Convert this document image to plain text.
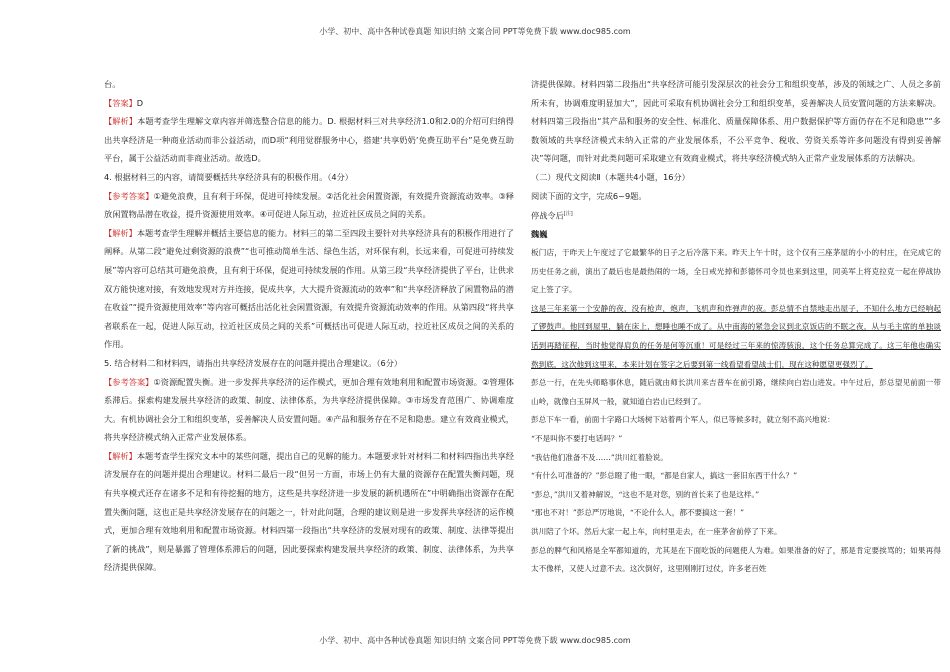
小学、初中、高中各种试卷真题 知识归纳 文案合同 PPT等免费下载 www.doc985.com

台。

【答案】D

【解析】本题考查学生理解文章内容并筛选整合信息的能力。D. 根据材料三对共享经济1.0和2.0的介绍可归纳得出共享经济是一种商业活动而非公益活动，而D项“利用觉群服务中心，搭建‘共享奶奶’免费互助平台”是免费互助平台，属于公益活动而非商业活动。故选D。

4. 根据材料三的内容，请简要概括共享经济具有的积极作用。（4分）

【参考答案】①避免浪费，且有利于环保，促进可持续发展。②活化社会闲置资源，有效提升资源流动效率。③释放闲置物品潜在收益，提升资源使用效率。④可促进人际互动，拉近社区成员之间的关系。

【解析】本题考查学生理解并概括主要信息的能力。材料三的第二至四段主要针对共享经济具有的积极作用进行了阐释。从第二段“避免过剩资源的浪费”“也可推动简单生活、绿色生活，对环保有利，长远来看，可促进可持续发展”等内容可总结其可避免浪费，且有利于环保，促进可持续发展的作用。从第三段“共享经济提供了平台，让供求双方能快速对接，有效地发现对方并连接，促成共享，大大提升资源流动的效率”和“共享经济释放了闲置物品的潜在收益”“提升资源使用效率”等内容可概括出活化社会闲置资源，有效提升资源流动效率的作用。从第四段“将共享者联系在一起，促进人际互动，拉近社区成员之间的关系”可概括出可促进人际互动，拉近社区成员之间的关系的作用。

5. 结合材料二和材料四，请指出共享经济发展存在的问题并提出合理建议。（6分）

【参考答案】①资源配置失衡。进一步发挥共享经济的运作模式，更加合理有效地利用和配置市场资源。②管理体系滞后。探索构建发展共享经济的政策、制度、法律体系，为共享经济提供保障。③市场发育范围广、协调难度大。有机协调社会分工和组织变革，妥善解决人员安置问题。④产品和服务存在不足和隐患。建立有效商业模式，将共享经济模式纳入正常产业发展体系。

【解析】本题考查学生探究文本中的某些问题，提出自己的见解的能力。本题要求针对材料二和材料四指出共享经济发展存在的问题并提出合理建议。材料二最后一段“但另一方面，市场上仍有大量的资源存在配置失衡问题，现有共享模式还存在诸多不足和有待挖掘的地方，这些是共享经济进一步发展的新机遇所在”中明确指出资源存在配置失衡问题，这也正是共享经济发展存在的问题之一，针对此问题，合理的建议则是进一步发挥共享经济的运作模式，更加合理有效地利用和配置市场资源。材料四第一段指出“共享经济的发展对现有的政策、制度、法律等提出了新的挑战”，则是暴露了管理体系滞后的问题，因此要探索构建发展共享经济的政策、制度、法律体系，为共享经济提供保障。

济提供保障。材料四第二段指出“共享经济可能引发深层次的社会分工和组织变革，涉及的领域之广、人员之多前所未有，协调难度明显加大”，因此可采取有机协调社会分工和组织变革，妥善解决人员安置问题的方法来解决。材料四第三段指出“其产品和服务的安全性、标准化、质量保障体系、用户数据保护等方面仍存在不足和隐患”“多数领域的共享经济模式未纳入正常的产业发展体系，不公平竞争、税收、劳资关系等许多问题没有得到妥善解决”等问题，而针对此类问题可采取建立有效商业模式，将共享经济模式纳入正常产业发展体系的方法解决。

（二）现代文阅读Ⅱ（本题共4小题，16分）

阅读下面的文字，完成6~9题。

停战令后[注]

魏巍

板门店，于昨天上午度过了它最繁华的日子之后冷落下来。昨天上午十时，这个仅有三座茅屋的小小的村庄，在完成它的历史任务之前，演出了最后也是最热闹的一场，全日戒光掉和彭德怀司令员也来到这里，同美军上将克拉克一起在停战协定上签了字。

这是三年来第一个安静的夜，没有枪声，炮声，飞机声和炸弹声的夜。彭总情不自禁地走出屋子，不知什么地方已经响起了锣鼓声。他回到屋里，躺在床上，想睡也睡不成了。从中南海的紧急会议到北京饭店的不眠之夜，从与毛主席的单独谈话到再踏征程，当时他觉得肩负的任务是何等沉重！可是经过三年来的惊涛骇浪，这个任务总算完成了。这三年他也确实熬到底，这次他到这里来，本来计划在签字之后要到第一线看望看望战士们，现在这种愿望更强烈了。

彭总一行，在先头师略事休息，随后就由师长洪川来吉普车在前引路，继续向白岩山进发。中午过后，彭总望见前面一带山岭，就像白玉屏风一般，就知道白岩山已经到了。

彭总下车一看，前面十字路口大场树下站着两个军人，似已等候多时，就立刻不高兴地说：

“不是叫你不要打电话吗？”

“我估他们准备不及……”洪川红着脸说。

“有什么可准备的？”彭总瞪了他一眼，“都是自家人，搞这一套旧东西干什么？”

“彭总，”洪川又着神解说，“这也不是对您，别的首长来了也是这样。”

“那也不对！”彭总严厉地说，“不论什么人，都不要搞这一套！”

洪川陪了个坏。然后大家一起上车，向村里走去，在一座茅舍前停了下来。

彭总的脾气和风格是全军都知道的，尤其是在下面吃饭的问题使人为难。如果准备的好了，那是肯定要挨骂的；如果再得太不像样，又使人过意不去。这次倒好，这里刚刚打过仗，许多老百姓

小学、初中、高中各种试卷真题 知识归纳 文案合同 PPT等免费下载 www.doc985.com
